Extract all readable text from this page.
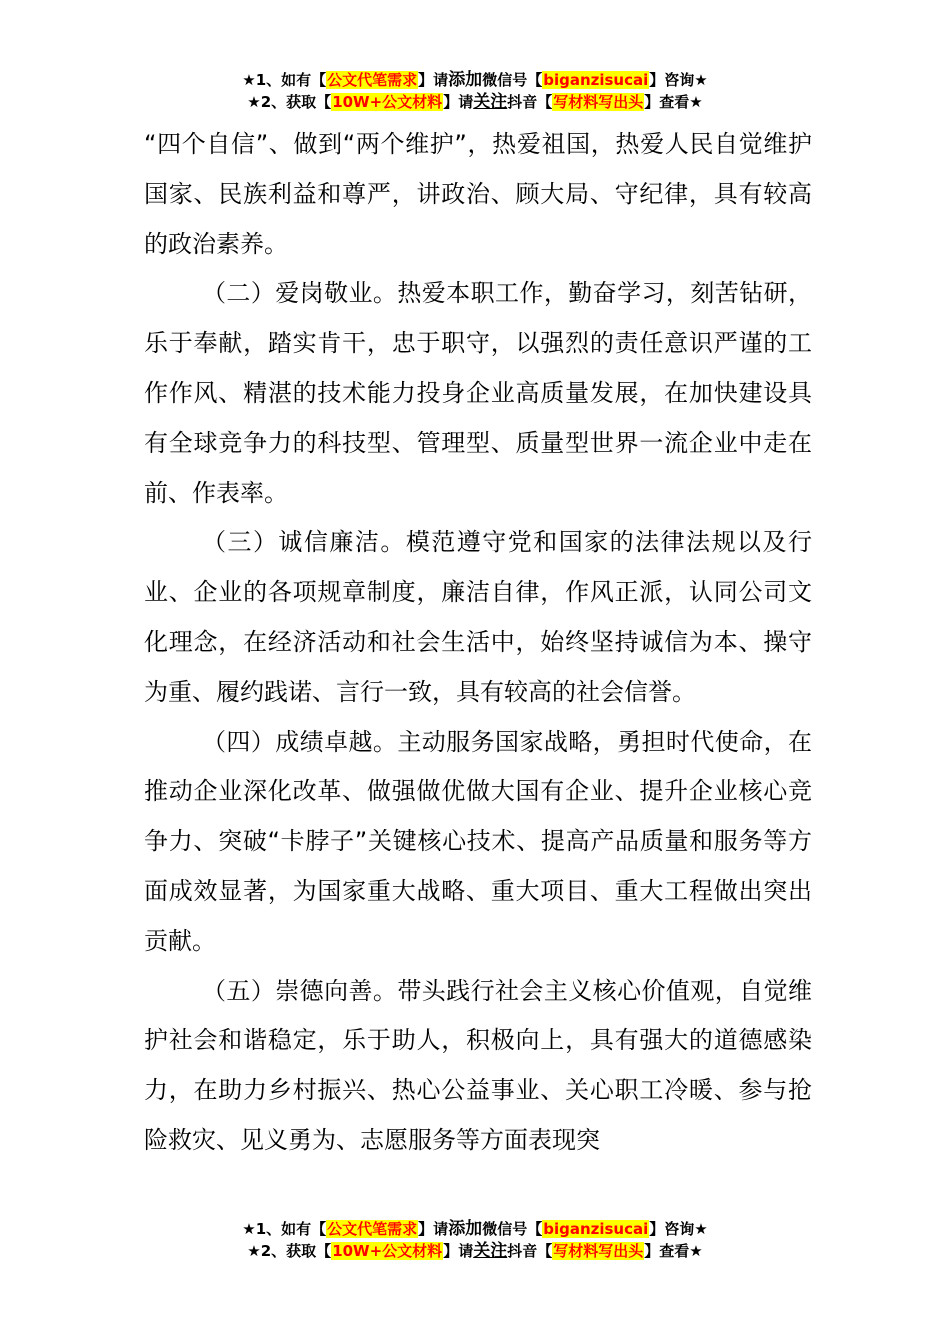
★1、如有【公文代笔需求】请添加微信号【biganzisucai】咨询★
★2、获取【10W+公文材料】请关注抖音【写材料写出头】查看★

“四个自信”、做到“两个维护”，热爱祖国，热爱人民自觉维护国家、民族利益和尊严，讲政治、顾大局、守纪律，具有较高的政治素养。

（二）爱岗敬业。热爱本职工作，勤奋学习，刻苦钻研，乐于奉献，踏实肯干，忠于职守，以强烈的责任意识严谨的工作作风、精湛的技术能力投身企业高质量发展，在加快建设具有全球竞争力的科技型、管理型、质量型世界一流企业中走在前、作表率。

（三）诚信廉洁。模范遵守党和国家的法律法规以及行业、企业的各项规章制度，廉洁自律，作风正派，认同公司文化理念，在经济活动和社会生活中，始终坚持诚信为本、操守为重、履约践诺、言行一致，具有较高的社会信誉。

（四）成绩卓越。主动服务国家战略，勇担时代使命，在推动企业深化改革、做强做优做大国有企业、提升企业核心竞争力、突破“卡脖子”关键核心技术、提高产品质量和服务等方面成效显著，为国家重大战略、重大项目、重大工程做出突出贡献。

（五）崇德向善。带头践行社会主义核心价值观，自觉维护社会和谐稳定，乐于助人，积极向上，具有强大的道德感染力，在助力乡村振兴、热心公益事业、关心职工冷暖、参与抢险救灾、见义勇为、志愿服务等方面表现突

★1、如有【公文代笔需求】请添加微信号【biganzisucai】咨询★
★2、获取【10W+公文材料】请关注抖音【写材料写出头】查看★
